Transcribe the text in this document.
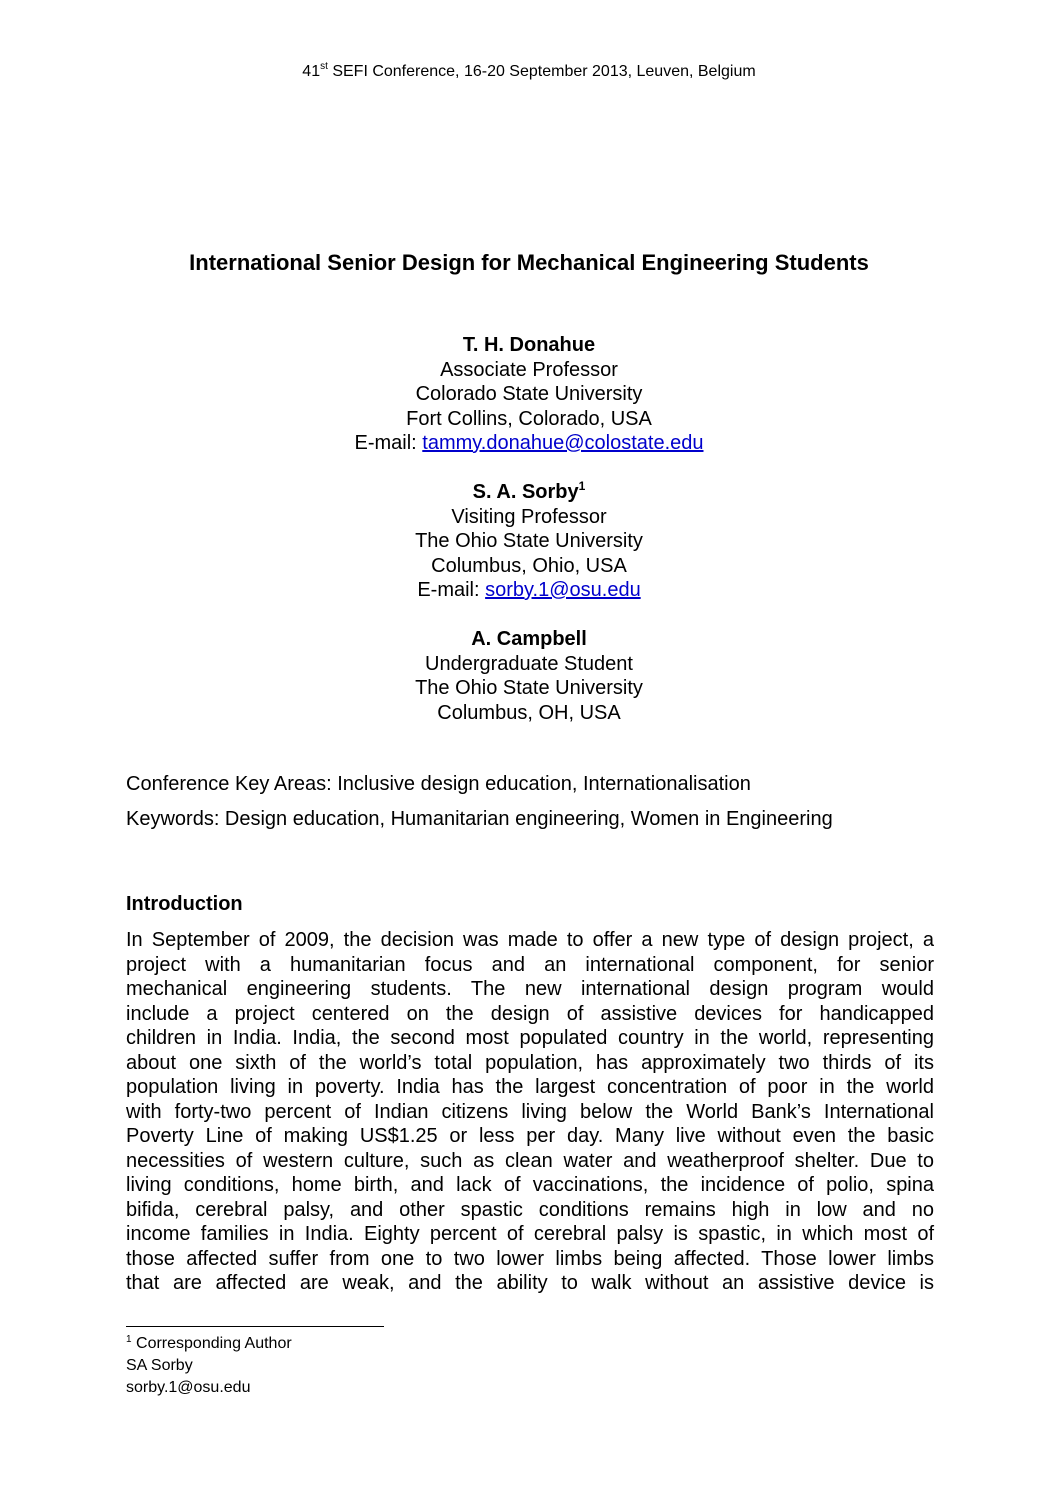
41st SEFI Conference, 16-20 September 2013, Leuven, Belgium
International Senior Design for Mechanical Engineering Students
T. H. Donahue
Associate Professor
Colorado State University
Fort Collins, Colorado, USA
E-mail: tammy.donahue@colostate.edu
S. A. Sorby$^1$
Visiting Professor
The Ohio State University
Columbus, Ohio, USA
E-mail: sorby.1@osu.edu
A. Campbell
Undergraduate Student
The Ohio State University
Columbus, OH, USA
Conference Key Areas: Inclusive design education, Internationalisation
Keywords: Design education, Humanitarian engineering, Women in Engineering
Introduction
In September of 2009, the decision was made to offer a new type of design project, a
project with a humanitarian focus and an international component, for senior
mechanical engineering students. The new international design program would
include a project centered on the design of assistive devices for handicapped
children in India. India, the second most populated country in the world, representing
about one sixth of the world’s total population, has approximately two thirds of its
population living in poverty. India has the largest concentration of poor in the world
with forty-two percent of Indian citizens living below the World Bank’s International
Poverty Line of making US$1.25 or less per day. Many live without even the basic
necessities of western culture, such as clean water and weatherproof shelter. Due to
living conditions, home birth, and lack of vaccinations, the incidence of polio, spina
bifida, cerebral palsy, and other spastic conditions remains high in low and no
income families in India. Eighty percent of cerebral palsy is spastic, in which most of
those affected suffer from one to two lower limbs being affected. Those lower limbs
that are affected are weak, and the ability to walk without an assistive device is
$^1$ Corresponding Author
SA Sorby
sorby.1@osu.edu
